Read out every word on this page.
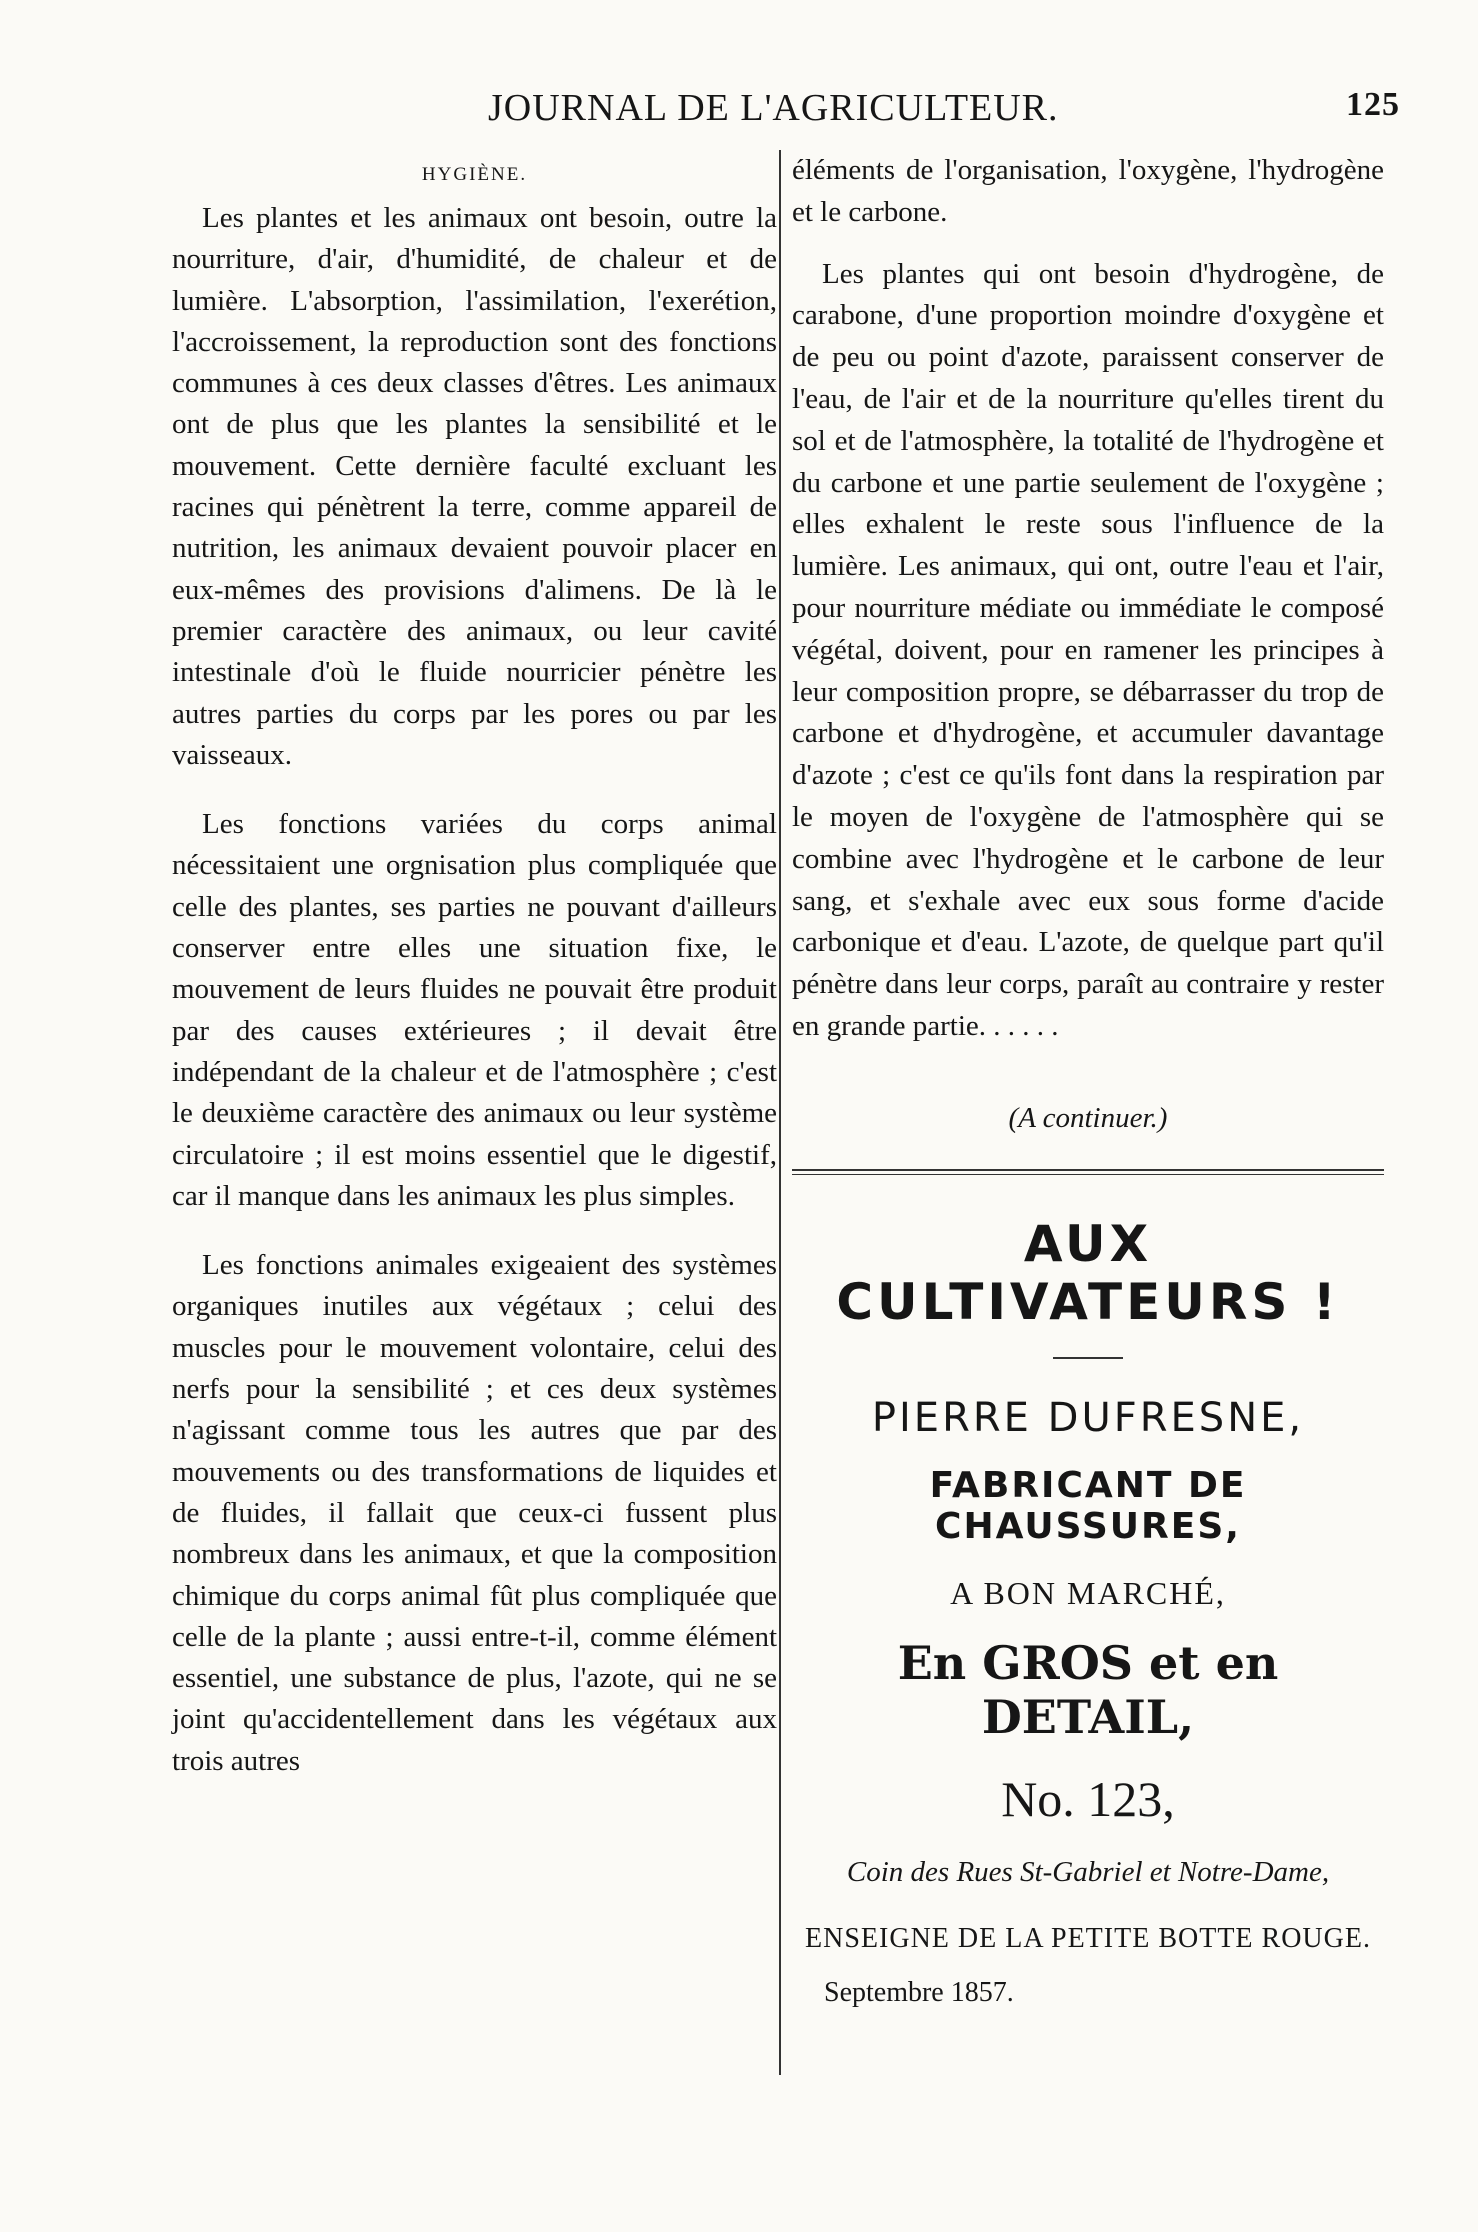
JOURNAL DE L'AGRICULTEUR.	125
HYGIÈNE.

Les plantes et les animaux ont besoin, outre la nourriture, d'air, d'humidité, de chaleur et de lumière. L'absorption, l'assimilation, l'exerétion, l'accroissement, la reproduction sont des fonctions communes à ces deux classes d'êtres. Les animaux ont de plus que les plantes la sensibilité et le mouvement. Cette dernière faculté excluant les racines qui pénètrent la terre, comme appareil de nutrition, les animaux devaient pouvoir placer en eux-mêmes des provisions d'alimens. De là le premier caractère des animaux, ou leur cavité intestinale d'où le fluide nourricier pénètre les autres parties du corps par les pores ou par les vaisseaux.

Les fonctions variées du corps animal nécessitaient une orgnisation plus compliquée que celle des plantes, ses parties ne pouvant d'ailleurs conserver entre elles une situation fixe, le mouvement de leurs fluides ne pouvait être produit par des causes extérieures ; il devait être indépendant de la chaleur et de l'atmosphère ; c'est le deuxième caractère des animaux ou leur système circulatoire ; il est moins essentiel que le digestif, car il manque dans les animaux les plus simples.

Les fonctions animales exigeaient des systèmes organiques inutiles aux végétaux ; celui des muscles pour le mouvement volontaire, celui des nerfs pour la sensibilité ; et ces deux systèmes n'agissant comme tous les autres que par des mouvements ou des transformations de liquides et de fluides, il fallait que ceux-ci fussent plus nombreux dans les animaux, et que la composition chimique du corps animal fût plus compliquée que celle de la plante ; aussi entre-t-il, comme élément essentiel, une substance de plus, l'azote, qui ne se joint qu'accidentellement dans les végétaux aux trois autres

éléments de l'organisation, l'oxygène, l'hydrogène et le carbone.

Les plantes qui ont besoin d'hydrogène, de carabone, d'une proportion moindre d'oxygène et de peu ou point d'azote, paraissent conserver de l'eau, de l'air et de la nourriture qu'elles tirent du sol et de l'atmosphère, la totalité de l'hydrogène et du carbone et une partie seulement de l'oxygène ; elles exhalent le reste sous l'influence de la lumière. Les animaux, qui ont, outre l'eau et l'air, pour nourriture médiate ou immédiate le composé végétal, doivent, pour en ramener les principes à leur composition propre, se débarrasser du trop de carbone et d'hydrogène, et accumuler davantage d'azote ; c'est ce qu'ils font dans la respiration par le moyen de l'oxygène de l'atmosphère qui se combine avec l'hydrogène et le carbone de leur sang, et s'exhale avec eux sous forme d'acide carbonique et d'eau. L'azote, de quelque part qu'il pénètre dans leur corps, paraît au contraire y rester en grande partie. . . . . .

(A continuer.)
AUX CULTIVATEURS !
PIERRE DUFRESNE,
FABRICANT DE CHAUSSURES,
A BON MARCHÉ,
En GROS et en DETAIL,
No. 123,
Coin des Rues St-Gabriel et Notre-Dame,
ENSEIGNE DE LA PETITE BOTTE ROUGE.
Septembre 1857.
